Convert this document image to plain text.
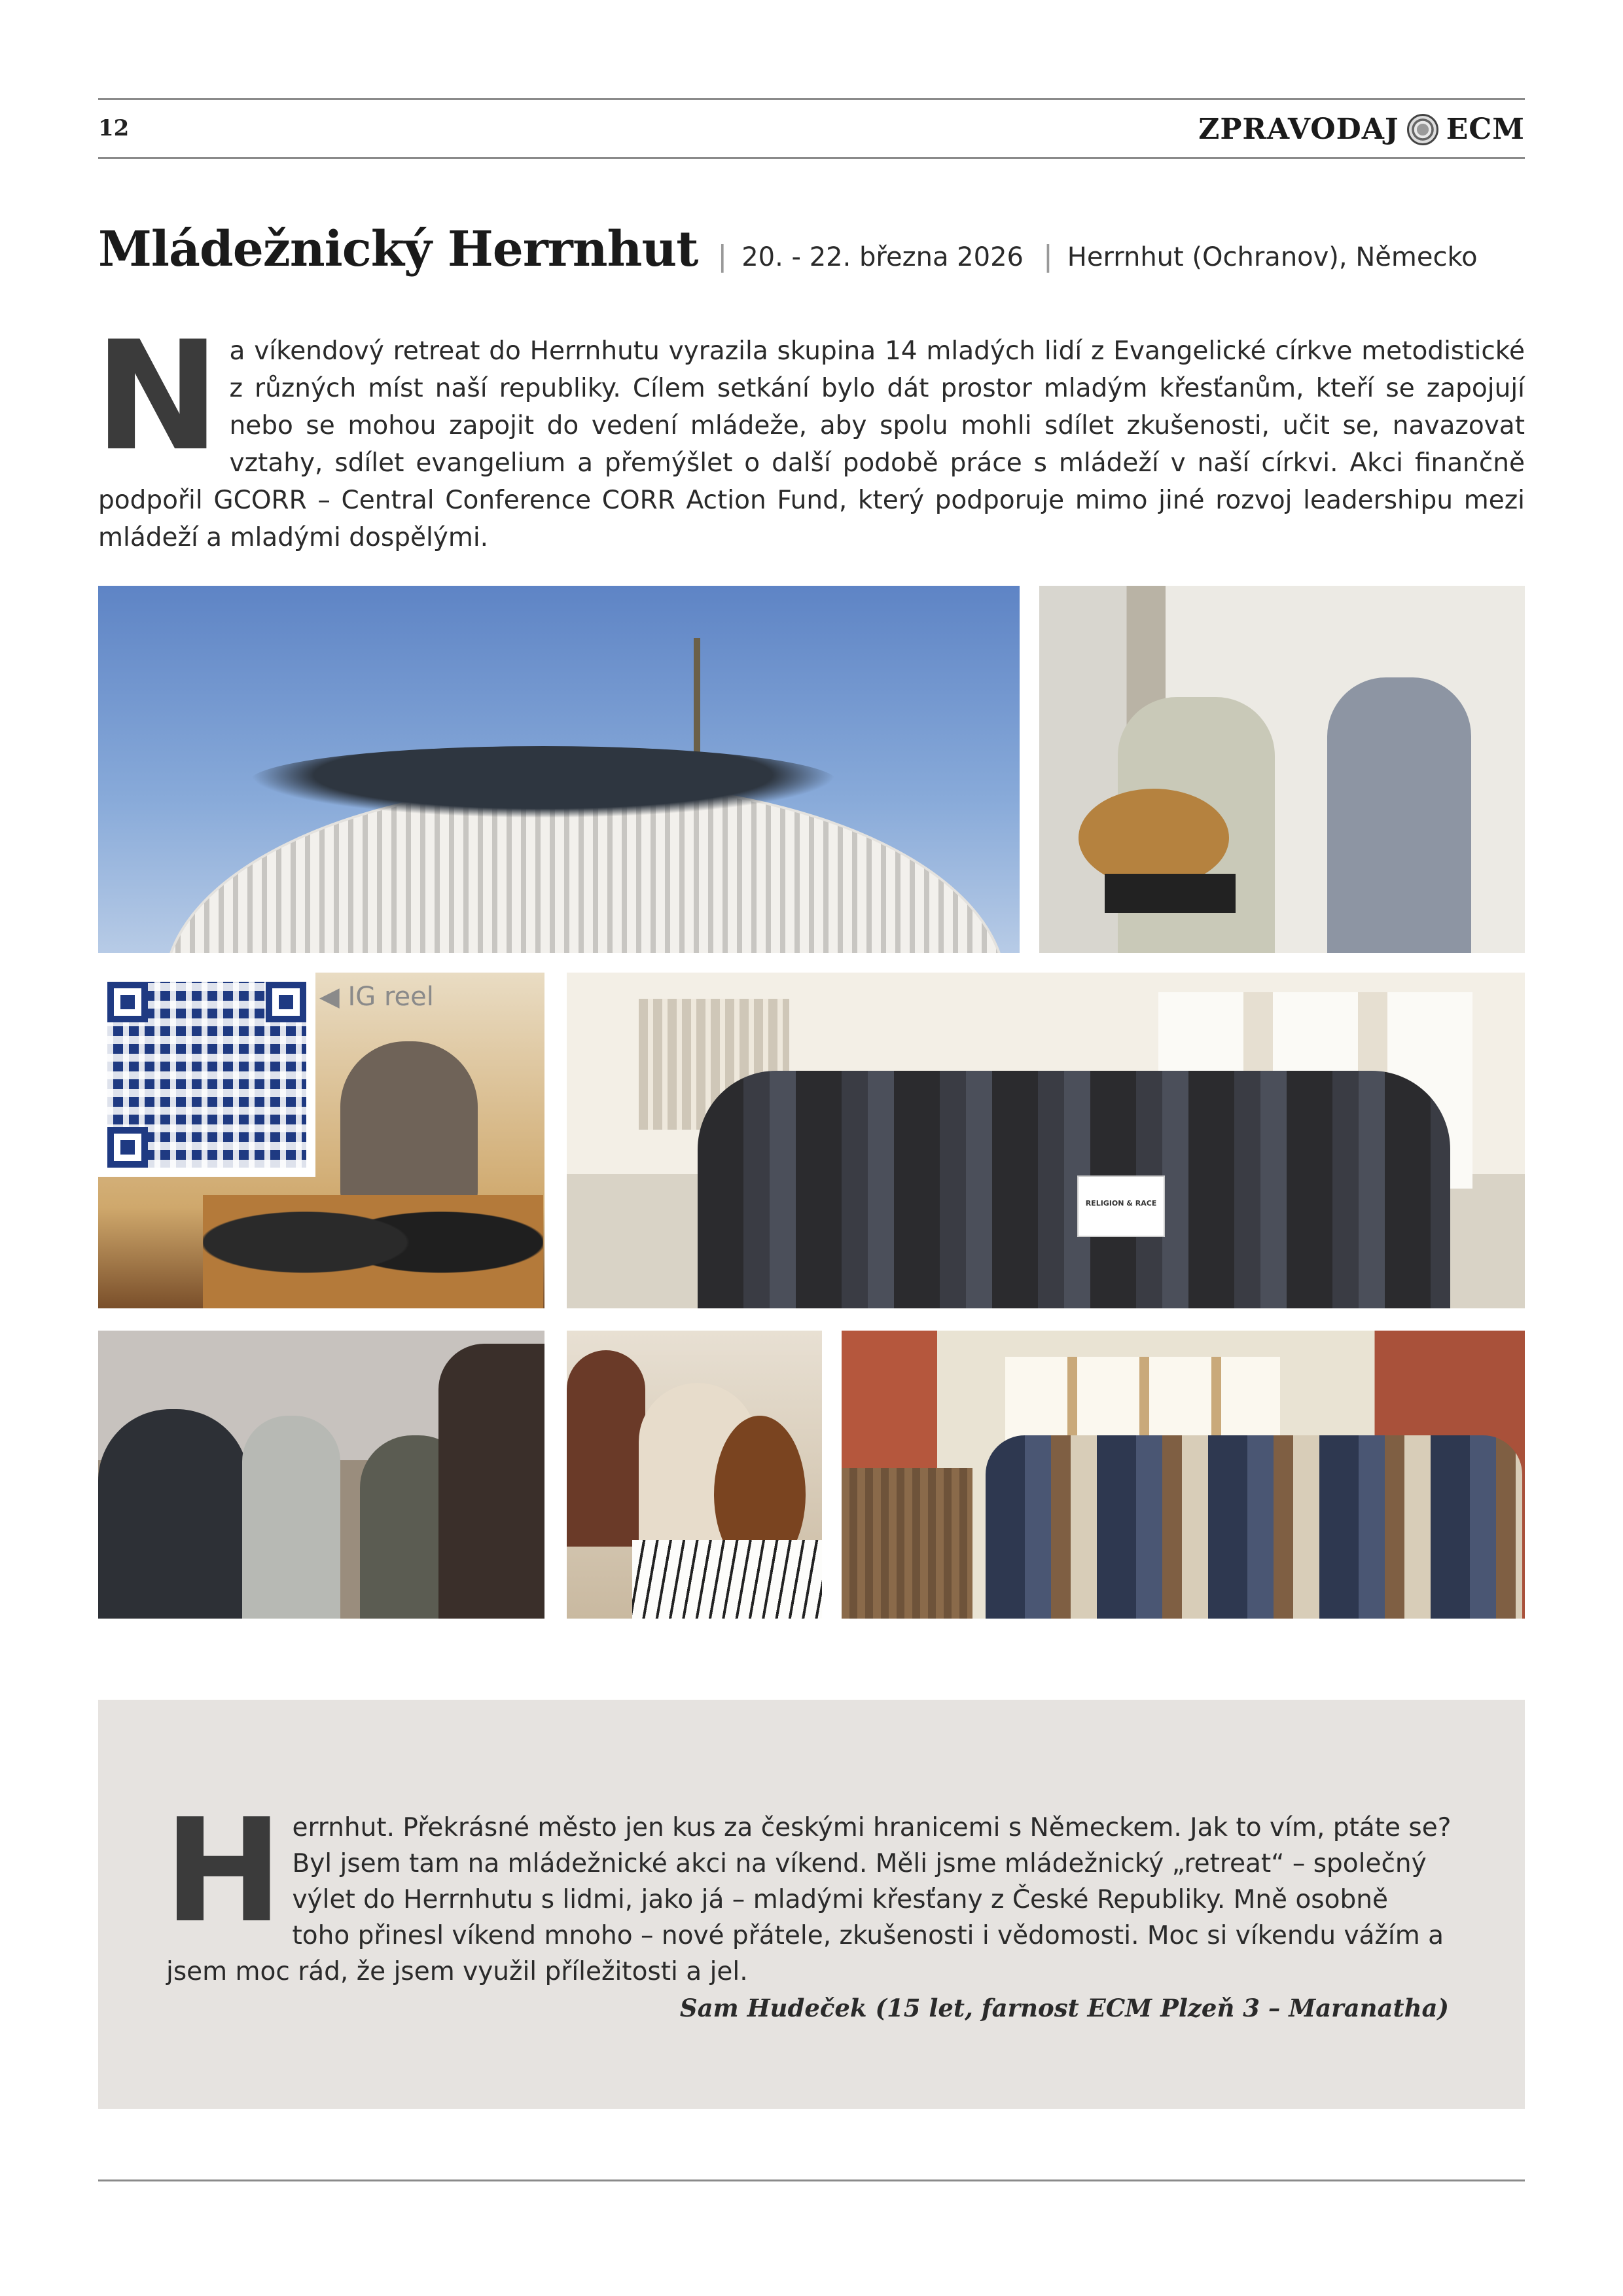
12	ZPRAVODAJ ECM
Mládežnický Herrnhut | 20. - 22. března 2026 | Herrnhut (Ochranov), Německo
N a víkendový retreat do Herrnhutu vyrazila skupina 14 mladých lidí z Evangelické církve metodistické z různých míst naší republiky. Cílem setkání bylo dát prostor mladým křesťanům, kteří se zapojují nebo se mohou zapojit do vedení mládeže, aby spolu mohli sdílet zkušenosti, učit se, navazovat vztahy, sdílet evangelium a přemýšlet o další podobě práce s mládeží v naší církvi. Akci finančně podpořil GCORR – Central Conference CORR Action Fund, který podporuje mimo jiné rozvoj leadershipu mezi mládeží a mladými dospělými.
◀ IG reel
RELIGION & RACE
H errnhut. Překrásné město jen kus za českými hranicemi s Německem. Jak to vím, ptáte se? Byl jsem tam na mládežnické akci na víkend. Měli jsme mládežnický „retreat“ – společný výlet do Herrnhutu s lidmi, jako já – mladými křesťany z České Republiky. Mně osobně toho přinesl víkend mnoho – nové přátele, zkušenosti i vědomosti. Moc si víkendu vážím a jsem moc rád, že jsem využil příležitosti a jel.
Sam Hudeček (15 let, farnost ECM Plzeň 3 – Maranatha)
